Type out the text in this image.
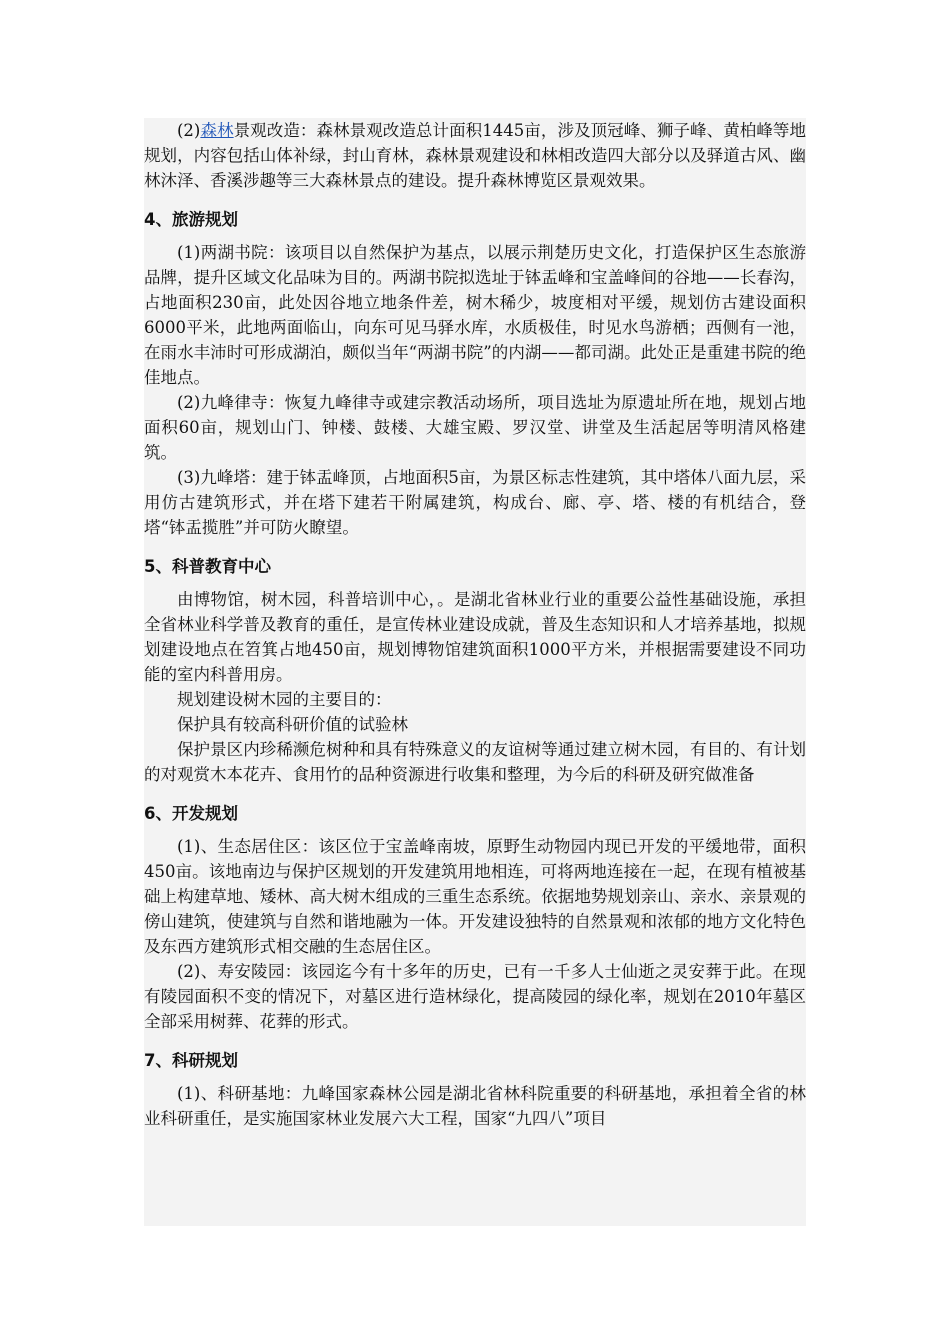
(2)森林景观改造：森林景观改造总计面积1445亩，涉及顶冠峰、狮子峰、黄柏峰等地规划，内容包括山体补绿，封山育林，森林景观建设和林相改造四大部分以及驿道古风、幽林沐泽、香溪涉趣等三大森林景点的建设。提升森林博览区景观效果。

4、旅游规划

(1)两湖书院：该项目以自然保护为基点，以展示荆楚历史文化，打造保护区生态旅游品牌，提升区域文化品味为目的。两湖书院拟选址于钵盂峰和宝盖峰间的谷地——长春沟，占地面积230亩，此处因谷地立地条件差，树木稀少，坡度相对平缓，规划仿古建设面积6000平米，此地两面临山，向东可见马驿水库，水质极佳，时见水鸟游栖；西侧有一池，在雨水丰沛时可形成湖泊，颇似当年“两湖书院”的内湖——都司湖。此处正是重建书院的绝佳地点。

(2)九峰律寺：恢复九峰律寺或建宗教活动场所，项目选址为原遗址所在地，规划占地面积60亩，规划山门、钟楼、鼓楼、大雄宝殿、罗汉堂、讲堂及生活起居等明清风格建筑。

(3)九峰塔：建于钵盂峰顶，占地面积5亩，为景区标志性建筑，其中塔体八面九层，采用仿古建筑形式，并在塔下建若干附属建筑，构成台、廊、亭、塔、楼的有机结合，登塔“钵盂揽胜”并可防火瞭望。

5、科普教育中心

由博物馆，树木园，科普培训中心，。是湖北省林业行业的重要公益性基础设施，承担全省林业科学普及教育的重任，是宣传林业建设成就，普及生态知识和人才培养基地，拟规划建设地点在笤箕占地450亩，规划博物馆建筑面积1000平方米，并根据需要建设不同功能的室内科普用房。

规划建设树木园的主要目的：

保护具有较高科研价值的试验林

保护景区内珍稀濒危树种和具有特殊意义的友谊树等通过建立树木园，有目的、有计划的对观赏木本花卉、食用竹的品种资源进行收集和整理，为今后的科研及研究做准备

6、开发规划

(1)、生态居住区：该区位于宝盖峰南坡，原野生动物园内现已开发的平缓地带，面积450亩。该地南边与保护区规划的开发建筑用地相连，可将两地连接在一起，在现有植被基础上构建草地、矮林、高大树木组成的三重生态系统。依据地势规划亲山、亲水、亲景观的傍山建筑，使建筑与自然和谐地融为一体。开发建设独特的自然景观和浓郁的地方文化特色及东西方建筑形式相交融的生态居住区。

(2)、寿安陵园：该园迄今有十多年的历史，已有一千多人士仙逝之灵安葬于此。在现有陵园面积不变的情况下，对墓区进行造林绿化，提高陵园的绿化率，规划在2010年墓区全部采用树葬、花葬的形式。

7、科研规划

(1)、科研基地：九峰国家森林公园是湖北省林科院重要的科研基地，承担着全省的林业科研重任，是实施国家林业发展六大工程，国家“九四八”项目
